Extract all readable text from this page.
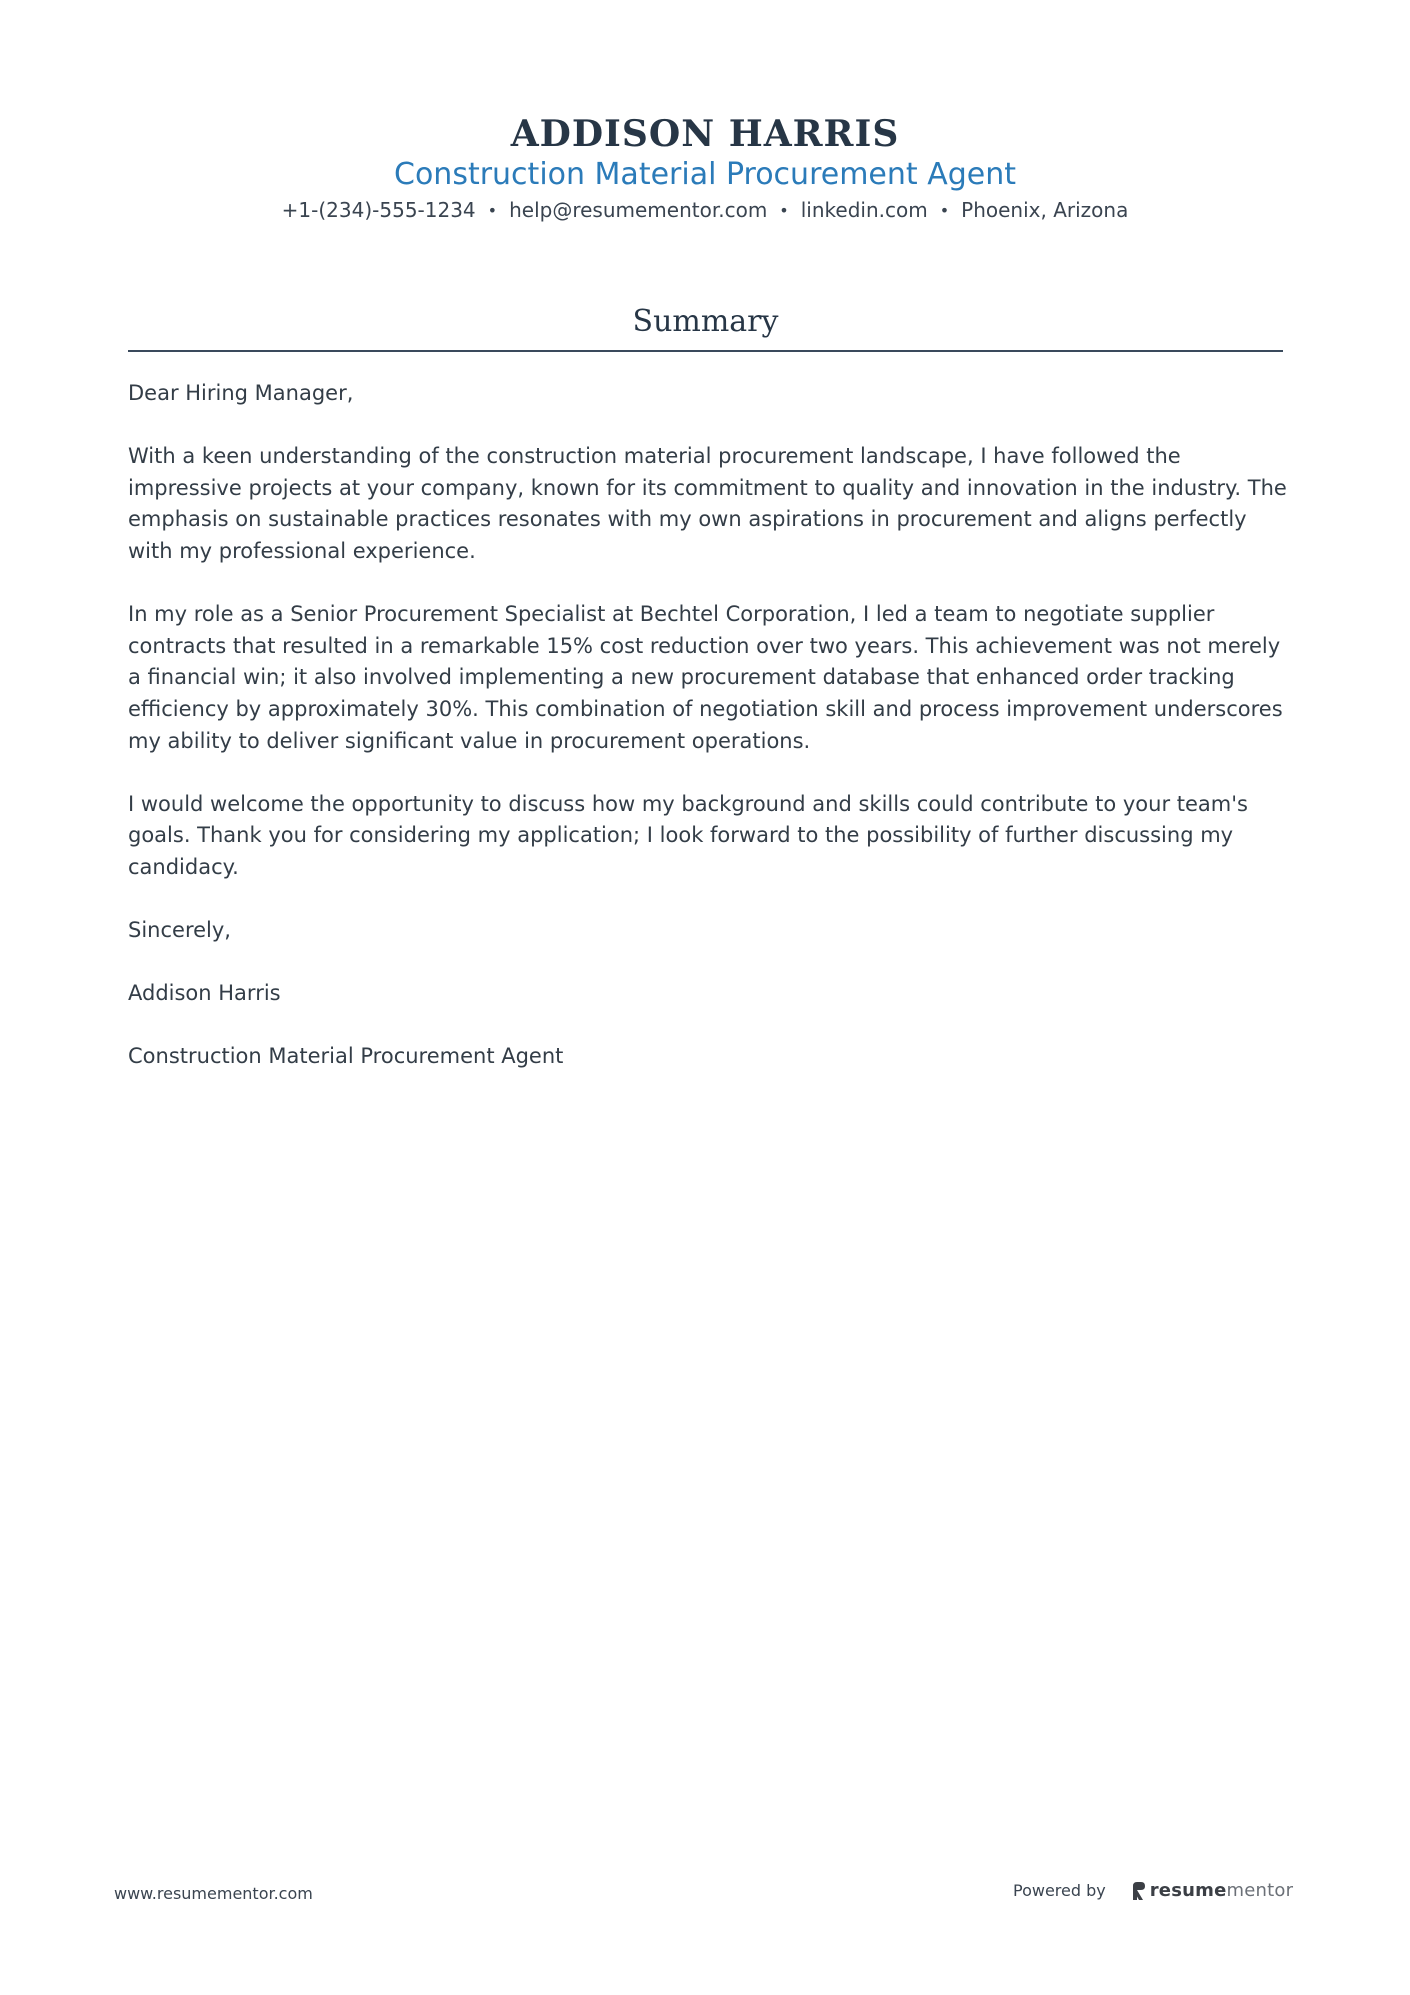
ADDISON HARRIS
Construction Material Procurement Agent
+1-(234)-555-1234 • help@resumementor.com • linkedin.com • Phoenix, Arizona
Summary

Dear Hiring Manager,

With a keen understanding of the construction material procurement landscape, I have followed the impressive projects at your company, known for its commitment to quality and innovation in the industry. The emphasis on sustainable practices resonates with my own aspirations in procurement and aligns perfectly with my professional experience.

In my role as a Senior Procurement Specialist at Bechtel Corporation, I led a team to negotiate supplier contracts that resulted in a remarkable 15% cost reduction over two years. This achievement was not merely a financial win; it also involved implementing a new procurement database that enhanced order tracking efficiency by approximately 30%. This combination of negotiation skill and process improvement underscores my ability to deliver significant value in procurement operations.

I would welcome the opportunity to discuss how my background and skills could contribute to your team's goals. Thank you for considering my application; I look forward to the possibility of further discussing my candidacy.

Sincerely,

Addison Harris

Construction Material Procurement Agent

www.resumementor.com	Powered by resumementor
